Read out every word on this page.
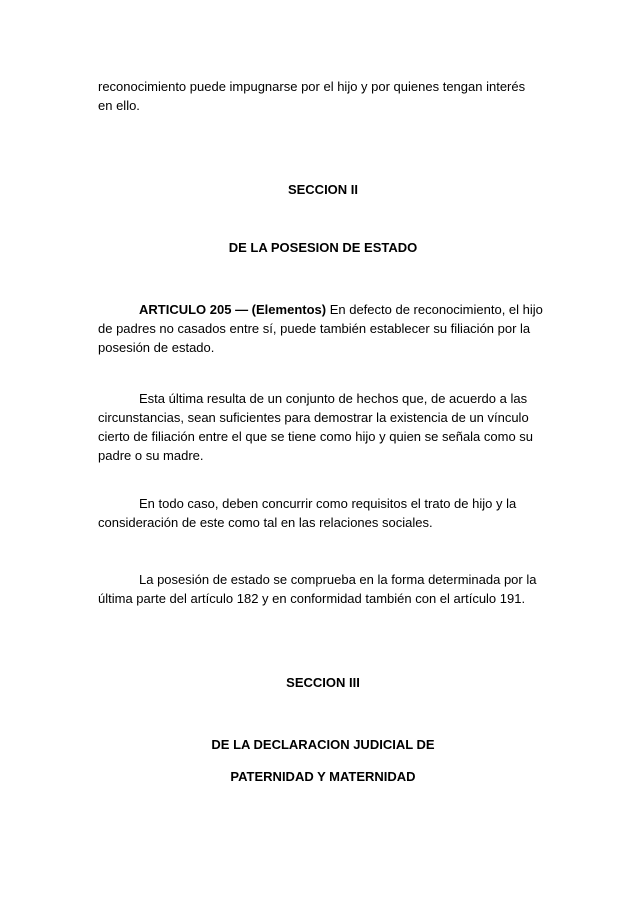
reconocimiento puede impugnarse por el hijo y por quienes tengan interés
en ello.

SECCION II

DE LA POSESION DE ESTADO

ARTICULO 205 — (Elementos) En defecto de reconocimiento, el hijo
de padres no casados entre sí, puede también establecer su filiación por la
posesión de estado.

Esta última resulta de un conjunto de hechos que, de acuerdo a las
circunstancias, sean suficientes para demostrar la existencia de un vínculo
cierto de filiación entre el que se tiene como hijo y quien se señala como su
padre o su madre.

En todo caso, deben concurrir como requisitos el trato de hijo y la
consideración de este como tal en las relaciones sociales.

La posesión de estado se comprueba en la forma determinada por la
última parte del artículo 182 y en conformidad también con el artículo 191.

SECCION III

DE LA DECLARACION JUDICIAL DE

PATERNIDAD Y MATERNIDAD
